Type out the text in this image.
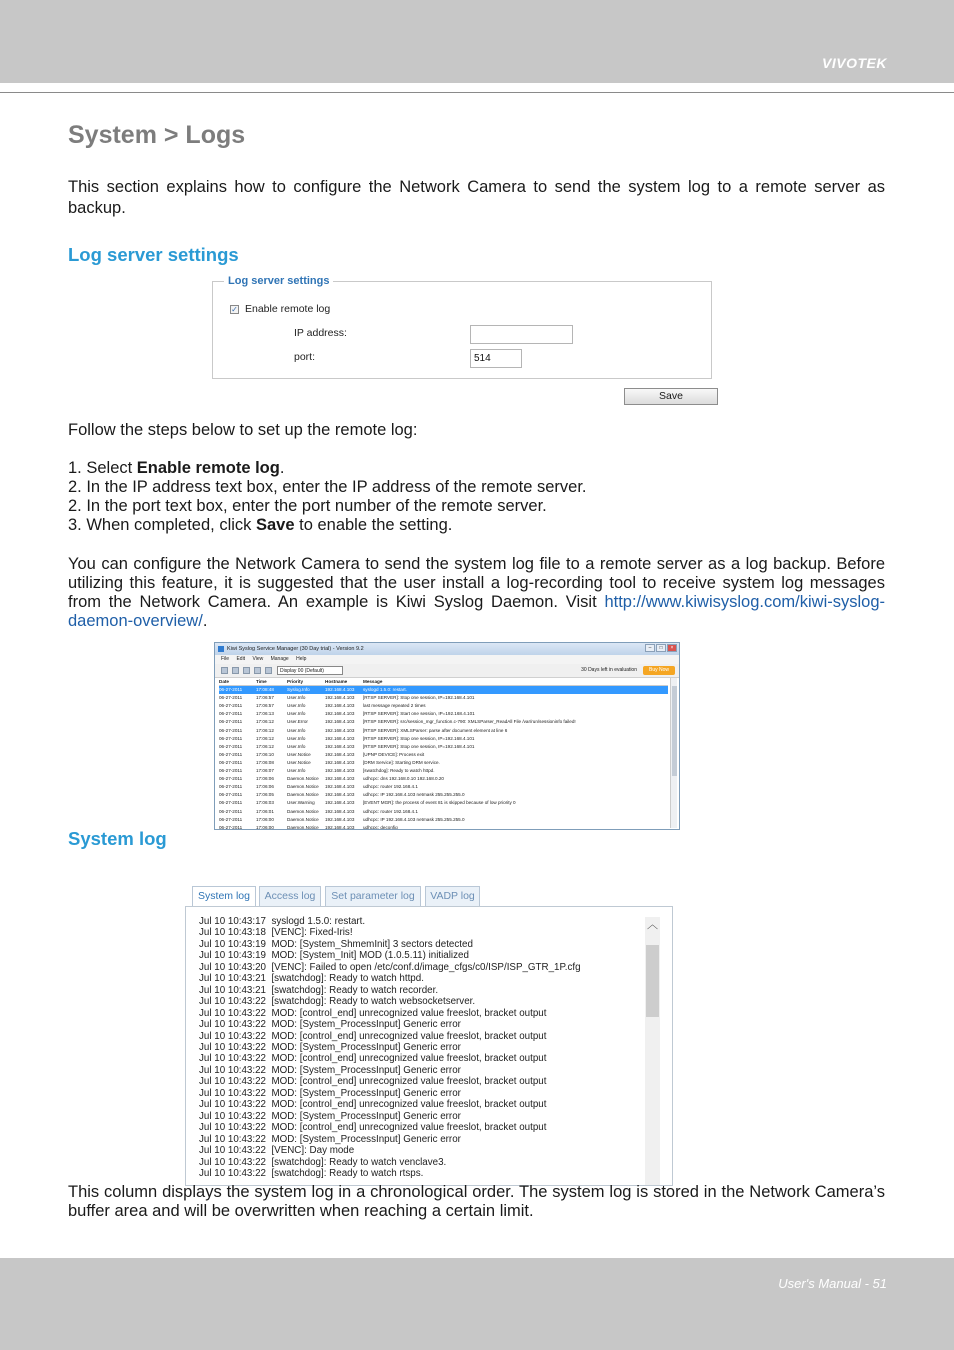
VIVOTEK
System > Logs

This section explains how to configure the Network Camera to send the system log to a remote server as backup.

Log server settings
Log server settings
✓ Enable remote log
IP address:
port:	514
Save

Follow the steps below to set up the remote log:

1. Select Enable remote log.
2. In the IP address text box, enter the IP address of the remote server.
2. In the port text box, enter the port number of the remote server.
3. When completed, click Save to enable the setting.

You can configure the Network Camera to send the system log file to a remote server as a log backup. Before utilizing this feature, it is suggested that the user install a log-recording tool to receive system log messages from the Network Camera. An example is Kiwi Syslog Daemon. Visit http://www.kiwisyslog.com/kiwi-syslog-daemon-overview/.

Kiwi Syslog Service Manager (30 Day trial) - Version 9.2	–	□	×
File Edit View Manage Help
Display 00 (Default)	30 Days left in evaluation	Buy Now
Date	Time	Priority	Hostname	Message
06-27-2011	17:08:48	Syslog.Info	192.168.4.103	syslogd 1.5.0: restart.
06-27-2011	17:06:57	User.Info	192.168.4.103	[RTSP SERVER]: Stop one session, IP=192.168.4.101
06-27-2011	17:06:57	User.Info	192.168.4.103	last message repeated 2 times
06-27-2011	17:06:13	User.Info	192.168.4.103	[RTSP SERVER]: Start one session, IP=192.168.4.101
06-27-2011	17:06:12	User.Error	192.168.4.103	[RTSP SERVER]: src/session_mgr_function.c-790: XMLSParser_ReadAll File /var/run/sessioninfo failed!
06-27-2011	17:06:12	User.Info	192.168.4.103	[RTSP SERVER]: XMLSParser: parse after document element at line 6
06-27-2011	17:06:12	User.Info	192.168.4.103	[RTSP SERVER]: Stop one session, IP=192.168.4.101
06-27-2011	17:06:12	User.Info	192.168.4.103	[RTSP SERVER]: Stop one session, IP=192.168.4.101
06-27-2011	17:06:10	User.Notice	192.168.4.103	[UPNP DEVICE]: Process exit
06-27-2011	17:06:08	User.Notice	192.168.4.103	[DRM Service]: Starting DRM service.
06-27-2011	17:06:07	User.Info	192.168.4.103	[swatchdog]: Ready to watch httpd.
06-27-2011	17:06:06	Daemon.Notice	192.168.4.103	udhcpc: dns 192.168.0.10 192.168.0.20
06-27-2011	17:06:06	Daemon.Notice	192.168.4.103	udhcpc: router 192.168.4.1
06-27-2011	17:06:05	Daemon.Notice	192.168.4.103	udhcpc: IP 192.168.4.103 netmask 255.255.255.0
06-27-2011	17:06:03	User.Warning	192.168.4.103	[EVENT MGR]: the process of event 81 is skipped because of low priority 0
06-27-2011	17:06:01	Daemon.Notice	192.168.4.103	udhcpc: router 192.168.4.1
06-27-2011	17:06:00	Daemon.Notice	192.168.4.103	udhcpc: IP 192.168.4.103 netmask 255.255.255.0
06-27-2011	17:06:00	Daemon.Notice	192.168.4.103	udhcpc: deconfig
System log
System log	Access log	Set parameter log	VADP log
Jul 10 10:43:17  syslogd 1.5.0: restart.
Jul 10 10:43:18  [VENC]: Fixed-Iris!
Jul 10 10:43:19  MOD: [System_ShmemInit] 3 sectors detected
Jul 10 10:43:19  MOD: [System_Init] MOD (1.0.5.11) initialized
Jul 10 10:43:20  [VENC]: Failed to open /etc/conf.d/image_cfgs/c0/ISP/ISP_GTR_1P.cfg
Jul 10 10:43:21  [swatchdog]: Ready to watch httpd.
Jul 10 10:43:21  [swatchdog]: Ready to watch recorder.
Jul 10 10:43:22  [swatchdog]: Ready to watch websocketserver.
Jul 10 10:43:22  MOD: [control_end] unrecognized value freeslot, bracket output
Jul 10 10:43:22  MOD: [System_ProcessInput] Generic error
Jul 10 10:43:22  MOD: [control_end] unrecognized value freeslot, bracket output
Jul 10 10:43:22  MOD: [System_ProcessInput] Generic error
Jul 10 10:43:22  MOD: [control_end] unrecognized value freeslot, bracket output
Jul 10 10:43:22  MOD: [System_ProcessInput] Generic error
Jul 10 10:43:22  MOD: [control_end] unrecognized value freeslot, bracket output
Jul 10 10:43:22  MOD: [System_ProcessInput] Generic error
Jul 10 10:43:22  MOD: [control_end] unrecognized value freeslot, bracket output
Jul 10 10:43:22  MOD: [System_ProcessInput] Generic error
Jul 10 10:43:22  MOD: [control_end] unrecognized value freeslot, bracket output
Jul 10 10:43:22  MOD: [System_ProcessInput] Generic error
Jul 10 10:43:22  [VENC]: Day mode
Jul 10 10:43:22  [swatchdog]: Ready to watch venclave3.
Jul 10 10:43:22  [swatchdog]: Ready to watch rtsps.
︿

This column displays the system log in a chronological order. The system log is stored in the Network Camera’s buffer area and will be overwritten when reaching a certain limit.

User's Manual - 51
